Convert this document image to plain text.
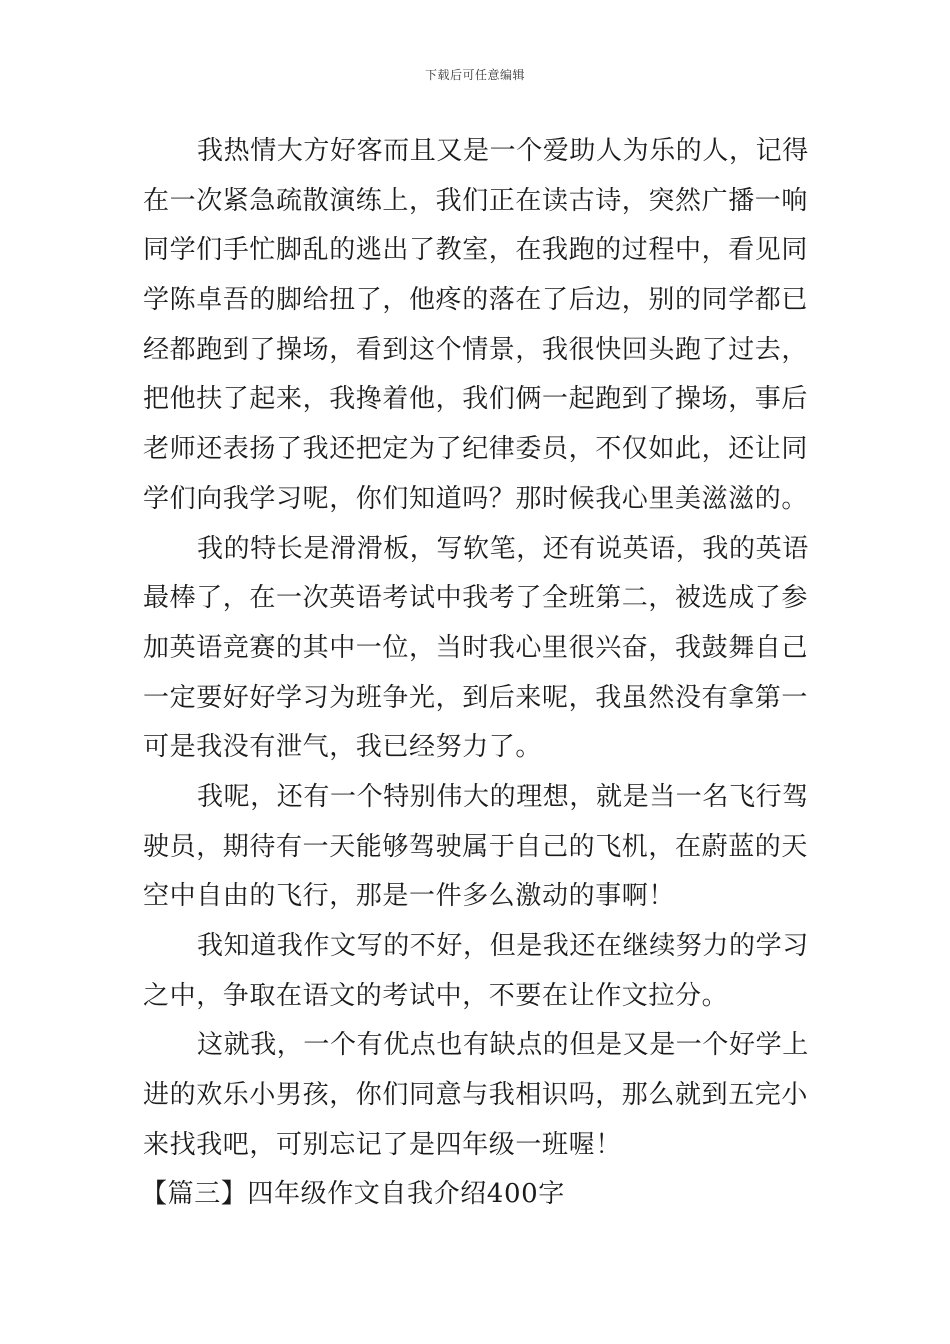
下载后可任意编辑
我热情大方好客而且又是一个爱助人为乐的人，记得
在一次紧急疏散演练上，我们正在读古诗，突然广播一响
同学们手忙脚乱的逃出了教室，在我跑的过程中，看见同
学陈卓吾的脚给扭了，他疼的落在了后边，别的同学都已
经都跑到了操场，看到这个情景，我很快回头跑了过去，
把他扶了起来，我搀着他，我们俩一起跑到了操场，事后
老师还表扬了我还把定为了纪律委员，不仅如此，还让同
学们向我学习呢，你们知道吗？那时候我心里美滋滋的。
我的特长是滑滑板，写软笔，还有说英语，我的英语
最棒了，在一次英语考试中我考了全班第二，被选成了参
加英语竞赛的其中一位，当时我心里很兴奋，我鼓舞自己
一定要好好学习为班争光，到后来呢，我虽然没有拿第一
可是我没有泄气，我已经努力了。
我呢，还有一个特别伟大的理想，就是当一名飞行驾
驶员，期待有一天能够驾驶属于自己的飞机，在蔚蓝的天
空中自由的飞行，那是一件多么激动的事啊！
我知道我作文写的不好，但是我还在继续努力的学习
之中，争取在语文的考试中，不要在让作文拉分。
这就我，一个有优点也有缺点的但是又是一个好学上
进的欢乐小男孩，你们同意与我相识吗，那么就到五完小
来找我吧，可别忘记了是四年级一班喔！
【篇三】四年级作文自我介绍400字
